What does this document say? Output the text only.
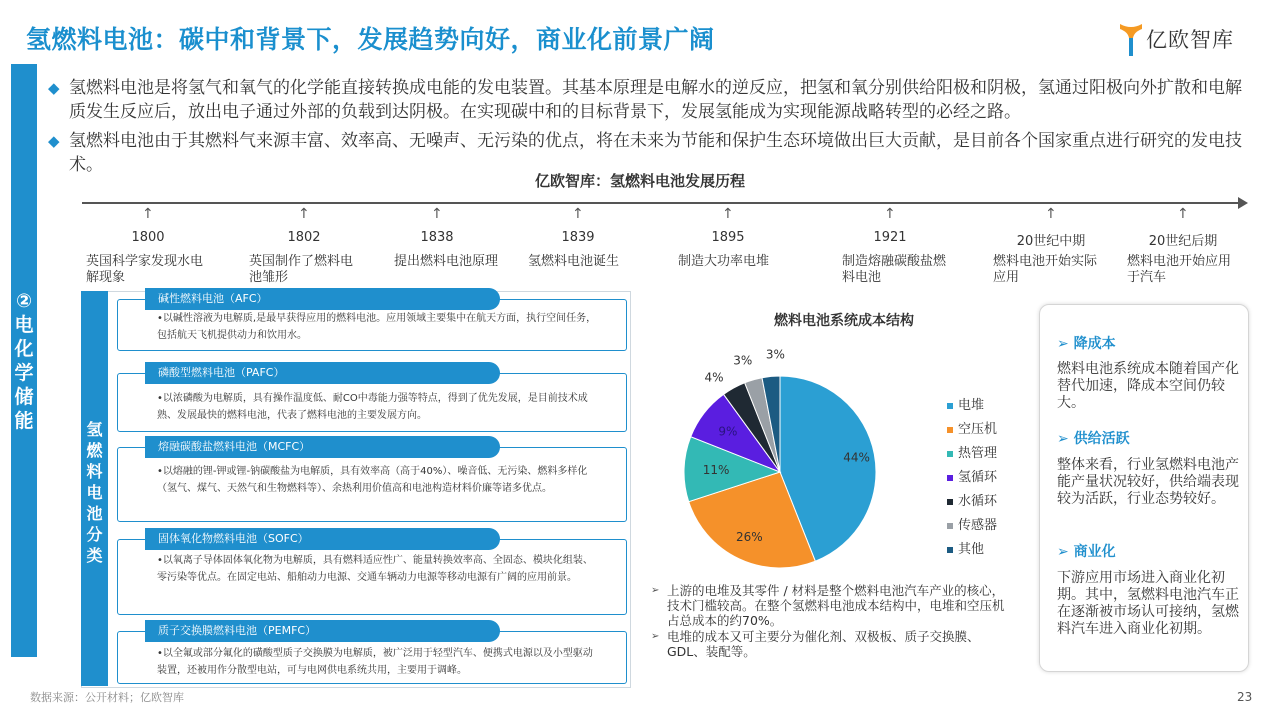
氢燃料电池：碳中和背景下，发展趋势向好，商业化前景广阔	亿欧智库
②电化学储能
◆ 氢燃料电池是将氢气和氧气的化学能直接转换成电能的发电装置。其基本原理是电解水的逆反应，把氢和氧分别供给阳极和阴极，氢通过阳极向外扩散和电解质发生反应后，放出电子通过外部的负载到达阴极。在实现碳中和的目标背景下，发展氢能成为实现能源战略转型的必经之路。
◆ 氢燃料电池由于其燃料气来源丰富、效率高、无噪声、无污染的优点，将在未来为节能和保护生态环境做出巨大贡献，是目前各个国家重点进行研究的发电技术。
亿欧智库：氢燃料电池发展历程
↑
1800
英国科学家发现水电解现象
↑
1802
英国制作了燃料电池雏形
↑
1838
提出燃料电池原理
↑
1839
氢燃料电池诞生
↑
1895
制造大功率电堆
↑
1921
制造熔融碳酸盐燃料电池
↑
20世纪中期
燃料电池开始实际应用
↑
20世纪后期
燃料电池开始应用于汽车
氢燃料电池分类
碱性燃料电池（AFC）
•以碱性溶液为电解质,是最早获得应用的燃料电池。应用领域主要集中在航天方面，执行空间任务，包括航天飞机提供动力和饮用水。
磷酸型燃料电池（PAFC）
•以浓磷酸为电解质，具有操作温度低、耐CO中毒能力强等特点，得到了优先发展，是目前技术成熟、发展最快的燃料电池，代表了燃料电池的主要发展方向。
熔融碳酸盐燃料电池（MCFC）
•以熔融的锂-钾或锂-钠碳酸盐为电解质，具有效率高（高于40%）、噪音低、无污染、燃料多样化（氢气、煤气、天然气和生物燃料等）、余热利用价值高和电池构造材料价廉等诸多优点。
固体氧化物燃料电池（SOFC）
•以氧离子导体固体氧化物为电解质，具有燃料适应性广、能量转换效率高、全固态、模块化组装、零污染等优点。在固定电站、船舶动力电源、交通车辆动力电源等移动电源有广阔的应用前景。
质子交换膜燃料电池（PEMFC）
•以全氟或部分氟化的磺酸型质子交换膜为电解质，被广泛用于轻型汽车、便携式电源以及小型驱动装置，还被用作分散型电站，可与电网供电系统共用，主要用于调峰。
燃料电池系统成本结构
44%
26%
11%
9%
4%
3% 3%
电堆
空压机
热管理
氢循环
水循环
传感器
其他
➢ 上游的电堆及其零件 / 材料是整个燃料电池汽车产业的核心，技术门槛较高。在整个氢燃料电池成本结构中，电堆和空压机占总成本的约70%。
➢ 电堆的成本又可主要分为催化剂、双极板、质子交换膜、GDL、装配等。
➢ 降成本
燃料电池系统成本随着国产化替代加速，降成本空间仍较大。
➢ 供给活跃
整体来看，行业氢燃料电池产能产量状况较好，供给端表现较为活跃，行业态势较好。
➢ 商业化
下游应用市场进入商业化初期。其中，氢燃料电池汽车正在逐渐被市场认可接纳，氢燃料汽车进入商业化初期。
数据来源：公开材料；亿欧智库	23
